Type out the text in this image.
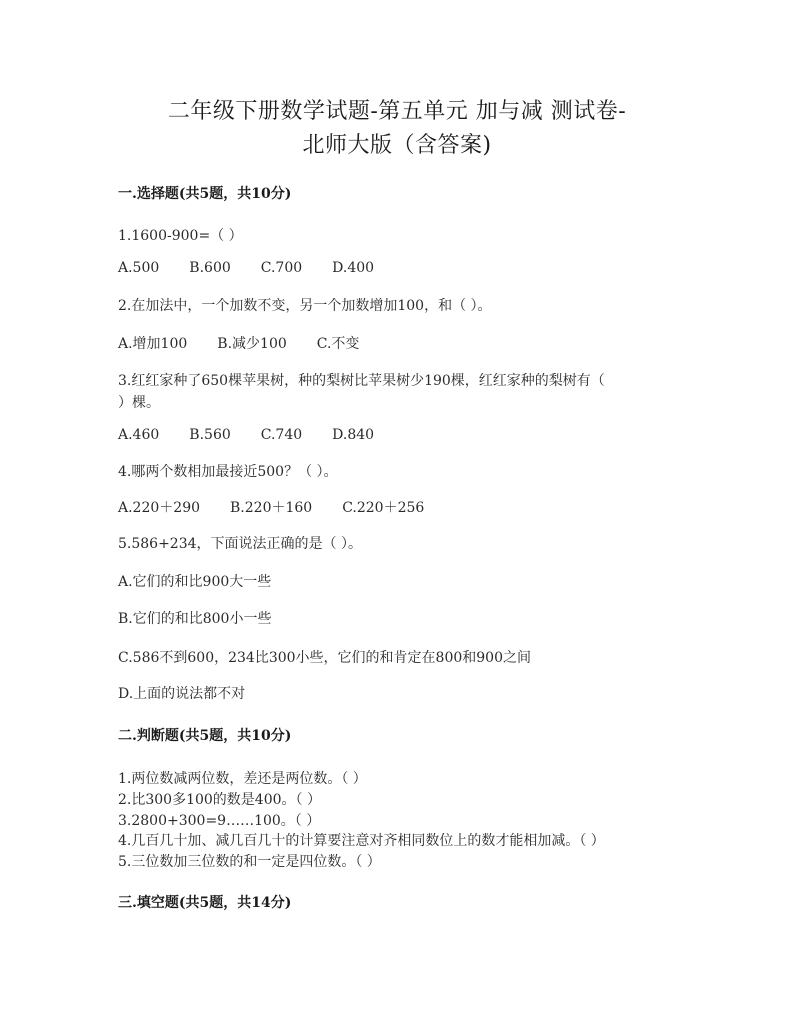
二年级下册数学试题-第五单元 加与减 测试卷-
北师大版（含答案)
一.选择题(共5题，共10分)
1.1600-900=（ ）
A.500 B.600 C.700 D.400
2.在加法中，一个加数不变，另一个加数增加100，和（ ）。
A.增加100 B.减少100 C.不变
3.红红家种了650棵苹果树，种的梨树比苹果树少190棵，红红家种的梨树有（
）棵。
A.460 B.560 C.740 D.840
4.哪两个数相加最接近500？（ ）。
A.220＋290 B.220＋160 C.220＋256
5.586+234，下面说法正确的是（ ）。
A.它们的和比900大一些
B.它们的和比800小一些
C.586不到600，234比300小些，它们的和肯定在800和900之间
D.上面的说法都不对
二.判断题(共5题，共10分)
1.两位数减两位数，差还是两位数。（ ）
2.比300多100的数是400。（ ）
3.2800+300=9……100。（ ）
4.几百几十加、减几百几十的计算要注意对齐相同数位上的数才能相加减。（ ）
5.三位数加三位数的和一定是四位数。（ ）
三.填空题(共5题，共14分)
